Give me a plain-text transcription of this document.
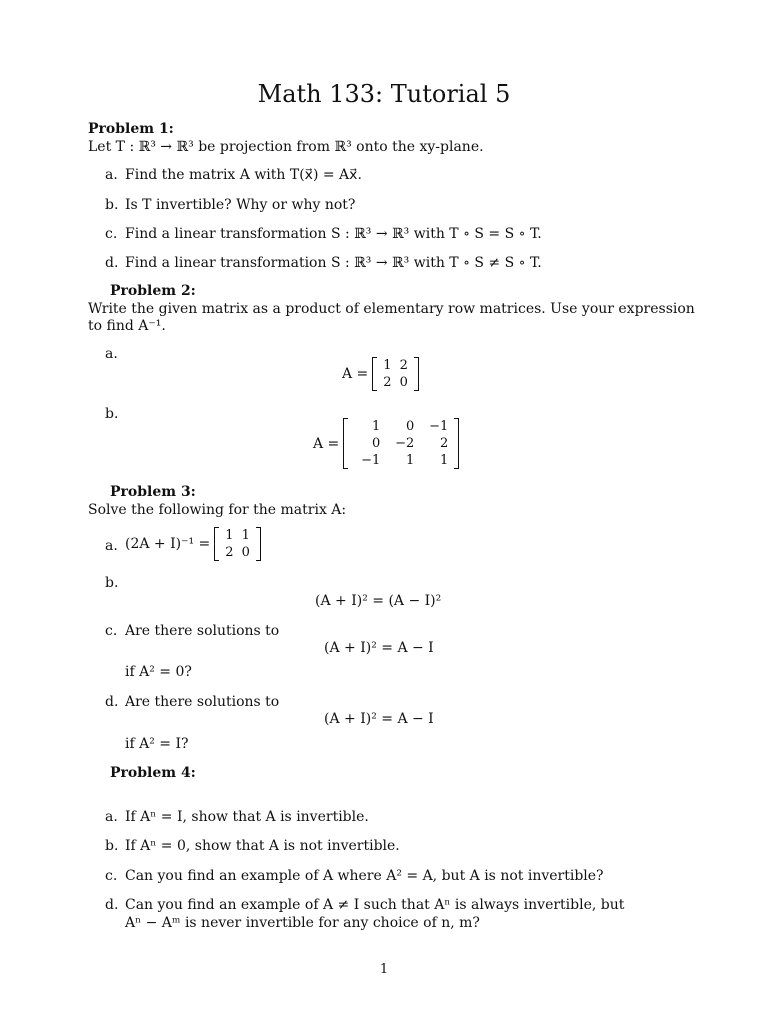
Math 133: Tutorial 5
Problem 1:
Let T : ℝ³ → ℝ³ be projection from ℝ³ onto the xy-plane.
a. Find the matrix A with T(x⃗) = Ax⃗.
b. Is T invertible? Why or why not?
c. Find a linear transformation S : ℝ³ → ℝ³ with T ∘ S = S ∘ T.
d. Find a linear transformation S : ℝ³ → ℝ³ with T ∘ S ≠ S ∘ T.
Problem 2:
Write the given matrix as a product of elementary row matrices. Use your expression
to find A⁻¹.
a.
A =
1 2
2 0
b.
A =
1	0	−1
0	−2	2
−1	1	1
Problem 3:
Solve the following for the matrix A:
a. (2A + I)⁻¹ =
1 1
2 0
b.
(A + I)² = (A − I)²
c. Are there solutions to
(A + I)² = A − I
if A² = 0?
d. Are there solutions to
(A + I)² = A − I
if A² = I?
Problem 4:
a. If Aⁿ = I, show that A is invertible.
b. If Aⁿ = 0, show that A is not invertible.
c. Can you find an example of A where A² = A, but A is not invertible?
d. Can you find an example of A ≠ I such that Aⁿ is always invertible, but
Aⁿ − Aᵐ is never invertible for any choice of n, m?
1
